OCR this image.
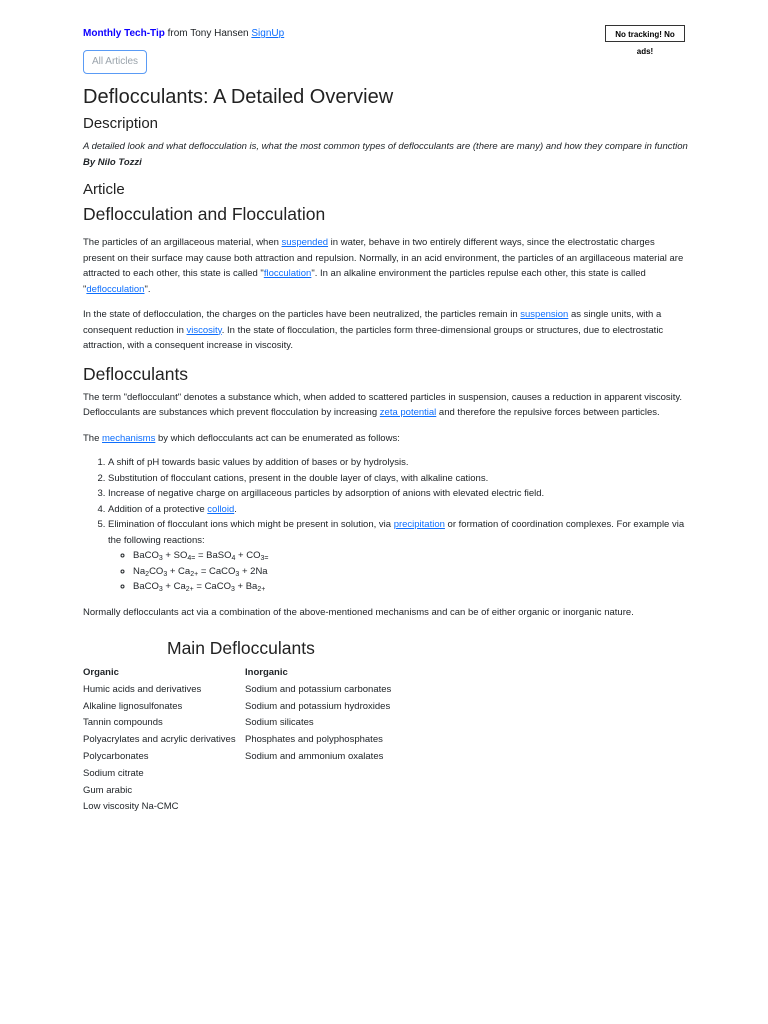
Monthly Tech-Tip from Tony Hansen SignUp	No tracking! No ads!
All Articles
Deflocculants: A Detailed Overview
Description

A detailed look and what deflocculation is, what the most common types of deflocculants are (there are many) and how they compare in function By Nilo Tozzi

Article
Deflocculation and Flocculation

The particles of an argillaceous material, when suspended in water, behave in two entirely different ways, since the electrostatic charges present on their surface may cause both attraction and repulsion. Normally, in an acid environment, the particles of an argillaceous material are attracted to each other, this state is called "flocculation". In an alkaline environment the particles repulse each other, this state is called "deflocculation".

In the state of deflocculation, the charges on the particles have been neutralized, the particles remain in suspension as single units, with a consequent reduction in viscosity. In the state of flocculation, the particles form three-dimensional groups or structures, due to electrostatic attraction, with a consequent increase in viscosity.

Deflocculants

The term "deflocculant" denotes a substance which, when added to scattered particles in suspension, causes a reduction in apparent viscosity. Deflocculants are substances which prevent flocculation by increasing zeta potential and therefore the repulsive forces between particles.

The mechanisms by which deflocculants act can be enumerated as follows:

1. A shift of pH towards basic values by addition of bases or by hydrolysis.
2. Substitution of flocculant cations, present in the double layer of clays, with alkaline cations.
3. Increase of negative charge on argillaceous particles by adsorption of anions with elevated electric field.
4. Addition of a protective colloid.
5. Elimination of flocculant ions which might be present in solution, via precipitation or formation of coordination complexes. For example via the following reactions:
◦ BaCO$_3$ + $SO_{4=}$ = BaSO$_4$ + $CO_{3=}$
◦ $Na_2CO_3 + Ca_{2+}$ = CaCO$_3$ + 2Na
◦ BaCO$_3$ + $Ca_{2+}$ = CaCO$_3$ + $Ba_{2+}$

Normally deflocculants act via a combination of the above-mentioned mechanisms and can be of either organic or inorganic nature.

Main Deflocculants
Organic	Inorganic
Humic acids and derivatives	Sodium and potassium carbonates
Alkaline lignosulfonates	Sodium and potassium hydroxides
Tannin compounds	Sodium silicates
Polyacrylates and acrylic derivatives	Phosphates and polyphosphates
Polycarbonates	Sodium and ammonium oxalates
Sodium citrate	
Gum arabic	
Low viscosity Na-CMC	
